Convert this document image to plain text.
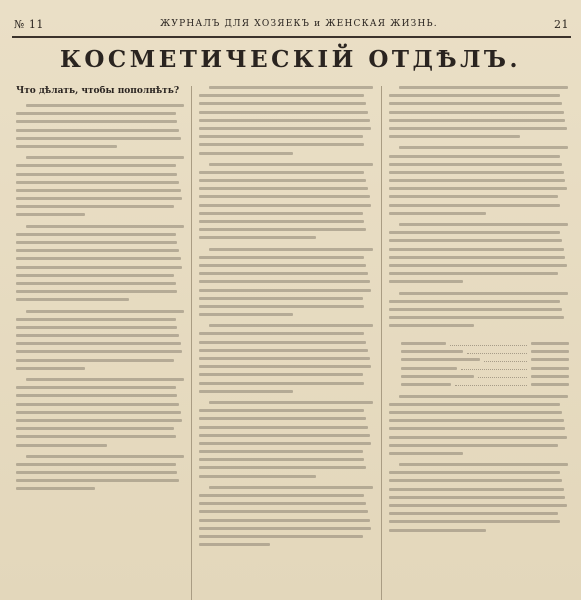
№ 11	ЖУРНАЛЪ ДЛЯ ХОЗЯЕКЪ и ЖЕНСКАЯ ЖИЗНЬ.	21
КОСМЕТИЧЕСКІЙ ОТДѢЛЪ.
Что дѣлать, чтобы пополнѣть?
